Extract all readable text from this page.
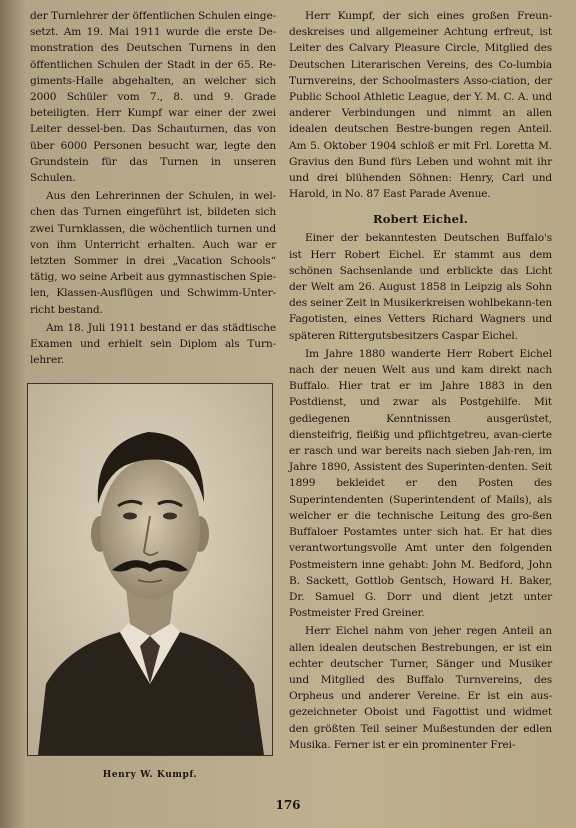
der Turnlehrer der öffentlichen Schulen einge-setzt. Am 19. Mai 1911 wurde die erste De-monstration des Deutschen Turnens in den öffentlichen Schulen der Stadt in der 65. Re-giments-Halle abgehalten, an welcher sich 2000 Schüler vom 7., 8. und 9. Grade beteiligten. Herr Kumpf war einer der zwei Leiter dessel-ben. Das Schauturnen, das von über 6000 Personen besucht war, legte den Grundstein für das Turnen in unseren Schulen.

Aus den Lehrerinnen der Schulen, in wel-chen das Turnen eingeführt ist, bildeten sich zwei Turnklassen, die wöchentlich turnen und von ihm Unterricht erhalten. Auch war er letzten Sommer in drei „Vacation Schools“ tätig, wo seine Arbeit aus gymnastischen Spie-len, Klassen-Ausflügen und Schwimm-Unter-richt bestand.

Am 18. Juli 1911 bestand er das städtische Examen und erhielt sein Diplom als Turn-lehrer.

Henry W. Kumpf.

Herr Kumpf, der sich eines großen Freun-deskreises und allgemeiner Achtung erfreut, ist Leiter des Calvary Pleasure Circle, Mitglied des Deutschen Literarischen Vereins, des Co-lumbia Turnvereins, der Schoolmasters Asso-ciation, der Public School Athletic League, der Y. M. C. A. und anderer Verbindungen und nimmt an allen idealen deutschen Bestre-bungen regen Anteil. Am 5. Oktober 1904 schloß er mit Frl. Loretta M. Gravius den Bund fürs Leben und wohnt mit ihr und drei blühenden Söhnen: Henry, Carl und Harold, in No. 87 East Parade Avenue.

Robert Eichel.

Einer der bekanntesten Deutschen Buffalo's ist Herr Robert Eichel. Er stammt aus dem schönen Sachsenlande und erblickte das Licht der Welt am 26. August 1858 in Leipzig als Sohn des seiner Zeit in Musikerkreisen wohlbekann-ten Fagotisten, eines Vetters Richard Wagners und späteren Rittergutsbesitzers Caspar Eichel.

Im Jahre 1880 wanderte Herr Robert Eichel nach der neuen Welt aus und kam direkt nach Buffalo. Hier trat er im Jahre 1883 in den Postdienst, und zwar als Postgehilfe. Mit gediegenen Kenntnissen ausgerüstet, diensteifrig, fleißig und pflichtgetreu, avan-cierte er rasch und war bereits nach sieben Jah-ren, im Jahre 1890, Assistent des Superinten-denten. Seit 1899 bekleidet er den Posten des Superintendenten (Superintendent of Mails), als welcher er die technische Leitung des gro-ßen Buffaloer Postamtes unter sich hat. Er hat dies verantwortungsvolle Amt unter den folgenden Postmeistern inne gehabt: John M. Bedford, John B. Sackett, Gottlob Gentsch, Howard H. Baker, Dr. Samuel G. Dorr und dient jetzt unter Postmeister Fred Greiner.

Herr Eichel nahm von jeher regen Anteil an allen idealen deutschen Bestrebungen, er ist ein echter deutscher Turner, Sänger und Musiker und Mitglied des Buffalo Turnvereins, des Orpheus und anderer Vereine. Er ist ein aus-gezeichneter Oboist und Fagottist und widmet den größten Teil seiner Mußestunden der edlen Musika. Ferner ist er ein prominenter Frei-

176
